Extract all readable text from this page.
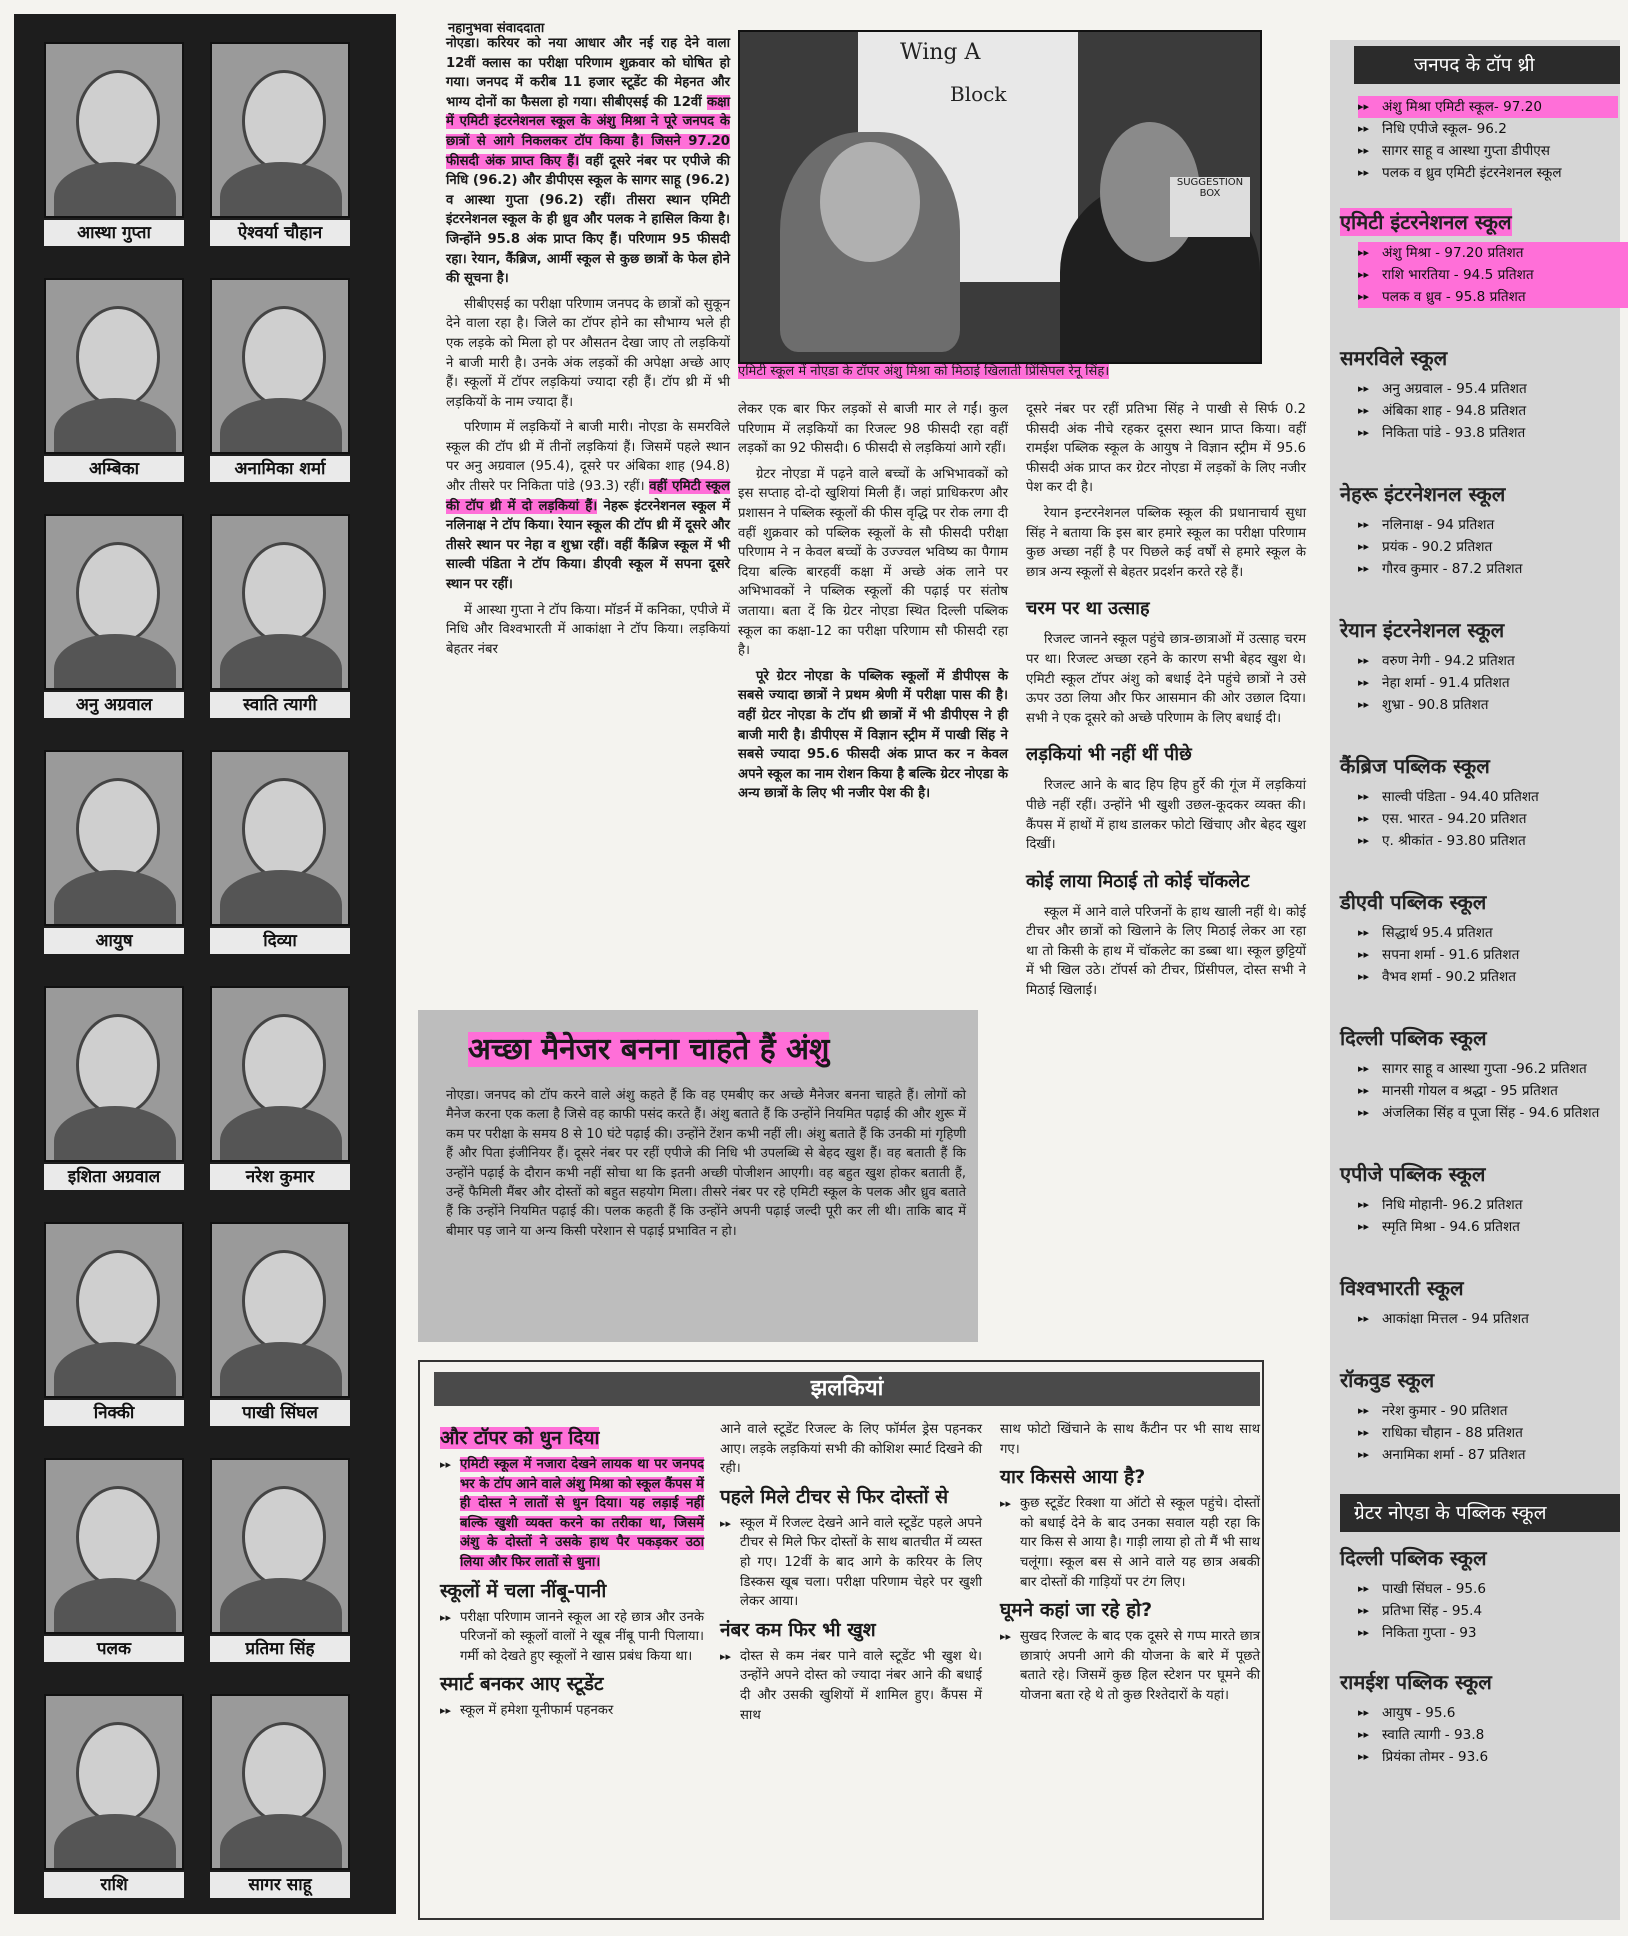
नहानुभवा संवाददाता
आस्था गुप्ता	ऐश्वर्या चौहान
अम्बिका	अनामिका शर्मा
अनु अग्रवाल	स्वाति त्यागी
आयुष	दिव्या
इशिता अग्रवाल	नरेश कुमार
निक्की	पाखी सिंघल
पलक	प्रतिमा सिंह
राशि	सागर साहू

नोएडा। करियर को नया आधार और नई राह देने वाला 12वीं क्लास का परीक्षा परिणाम शुक्रवार को घोषित हो गया। जनपद में करीब 11 हजार स्टूडेंट की मेहनत और भाग्य दोनों का फैसला हो गया। सीबीएसई की 12वीं कक्षा में एमिटी इंटरनेशनल स्कूल के अंशु मिश्रा ने पूरे जनपद के छात्रों से आगे निकलकर टॉप किया है। जिसने 97.20 फीसदी अंक प्राप्त किए हैं। वहीं दूसरे नंबर पर एपीजे की निधि (96.2) और डीपीएस स्कूल के सागर साहू (96.2) व आस्था गुप्ता (96.2) रहीं। तीसरा स्थान एमिटी इंटरनेशनल स्कूल के ही ध्रुव और पलक ने हासिल किया है। जिन्होंने 95.8 अंक प्राप्त किए हैं। परिणाम 95 फीसदी रहा। रेयान, कैंब्रिज, आर्मी स्कूल से कुछ छात्रों के फेल होने की सूचना है।

सीबीएसई का परीक्षा परिणाम जनपद के छात्रों को सुकून देने वाला रहा है। जिले का टॉपर होने का सौभाग्य भले ही एक लड़के को मिला हो पर औसतन देखा जाए तो लड़कियों ने बाजी मारी है। उनके अंक लड़कों की अपेक्षा अच्छे आए हैं। स्कूलों में टॉपर लड़कियां ज्यादा रही हैं। टॉप थ्री में भी लड़कियों के नाम ज्यादा हैं।

परिणाम में लड़कियों ने बाजी मारी। नोएडा के समरविले स्कूल की टॉप थ्री में तीनों लड़कियां हैं। जिसमें पहले स्थान पर अनु अग्रवाल (95.4), दूसरे पर अंबिका शाह (94.8) और तीसरे पर निकिता पांडे (93.3) रहीं। वहीं एमिटी स्कूल की टॉप थ्री में दो लड़कियां हैं। नेहरू इंटरनेशनल स्कूल में नलिनाक्ष ने टॉप किया। रेयान स्कूल की टॉप थ्री में दूसरे और तीसरे स्थान पर नेहा व शुभ्रा रहीं। वहीं कैंब्रिज स्कूल में भी साल्वी पंडिता ने टॉप किया। डीएवी स्कूल में सपना दूसरे स्थान पर रहीं।

में आस्था गुप्ता ने टॉप किया। मॉडर्न में कनिका, एपीजे में निधि और विश्वभारती में आकांक्षा ने टॉप किया। लड़कियां बेहतर नंबर

Wing A
Block
SUGGESTION BOX
एमिटी स्कूल में नोएडा के टॉपर अंशु मिश्रा को मिठाई खिलाती प्रिंसिपल रेनू सिंह।

लेकर एक बार फिर लड़कों से बाजी मार ले गईं। कुल परिणाम में लड़कियों का रिजल्ट 98 फीसदी रहा वहीं लड़कों का 92 फीसदी। 6 फीसदी से लड़कियां आगे रहीं।

ग्रेटर नोएडा में पढ़ने वाले बच्चों के अभिभावकों को इस सप्ताह दो-दो खुशियां मिली हैं। जहां प्राधिकरण और प्रशासन ने पब्लिक स्कूलों की फीस वृद्धि पर रोक लगा दी वहीं शुक्रवार को पब्लिक स्कूलों के सौ फीसदी परीक्षा परिणाम ने न केवल बच्चों के उज्ज्वल भविष्य का पैगाम दिया बल्कि बारहवीं कक्षा में अच्छे अंक लाने पर अभिभावकों ने पब्लिक स्कूलों की पढ़ाई पर संतोष जताया। बता दें कि ग्रेटर नोएडा स्थित दिल्ली पब्लिक स्कूल का कक्षा-12 का परीक्षा परिणाम सौ फीसदी रहा है।

पूरे ग्रेटर नोएडा के पब्लिक स्कूलों में डीपीएस के सबसे ज्यादा छात्रों ने प्रथम श्रेणी में परीक्षा पास की है। वहीं ग्रेटर नोएडा के टॉप थ्री छात्रों में भी डीपीएस ने ही बाजी मारी है। डीपीएस में विज्ञान स्ट्रीम में पाखी सिंह ने सबसे ज्यादा 95.6 फीसदी अंक प्राप्त कर न केवल अपने स्कूल का नाम रोशन किया है बल्कि ग्रेटर नोएडा के अन्य छात्रों के लिए भी नजीर पेश की है।

दूसरे नंबर पर रहीं प्रतिभा सिंह ने पाखी से सिर्फ 0.2 फीसदी अंक नीचे रहकर दूसरा स्थान प्राप्त किया। वहीं रामईश पब्लिक स्कूल के आयुष ने विज्ञान स्ट्रीम में 95.6 फीसदी अंक प्राप्त कर ग्रेटर नोएडा में लड़कों के लिए नजीर पेश कर दी है।

रेयान इन्टरनेशनल पब्लिक स्कूल की प्रधानाचार्य सुधा सिंह ने बताया कि इस बार हमारे स्कूल का परीक्षा परिणाम कुछ अच्छा नहीं है पर पिछले कई वर्षों से हमारे स्कूल के छात्र अन्य स्कूलों से बेहतर प्रदर्शन करते रहे हैं।

चरम पर था उत्साह

रिजल्ट जानने स्कूल पहुंचे छात्र-छात्राओं में उत्साह चरम पर था। रिजल्ट अच्छा रहने के कारण सभी बेहद खुश थे। एमिटी स्कूल टॉपर अंशु को बधाई देने पहुंचे छात्रों ने उसे ऊपर उठा लिया और फिर आसमान की ओर उछाल दिया। सभी ने एक दूसरे को अच्छे परिणाम के लिए बधाई दी।

लड़कियां भी नहीं थीं पीछे

रिजल्ट आने के बाद हिप हिप हुर्रे की गूंज में लड़कियां पीछे नहीं रहीं। उन्होंने भी खुशी उछल-कूदकर व्यक्त की। कैंपस में हाथों में हाथ डालकर फोटो खिंचाए और बेहद खुश दिखीं।

कोई लाया मिठाई तो कोई चॉकलेट

स्कूल में आने वाले परिजनों के हाथ खाली नहीं थे। कोई टीचर और छात्रों को खिलाने के लिए मिठाई लेकर आ रहा था तो किसी के हाथ में चॉकलेट का डब्बा था। स्कूल छुट्टियों में भी खिल उठे। टॉपर्स को टीचर, प्रिंसीपल, दोस्त सभी ने मिठाई खिलाई।

अच्छा मैनेजर बनना चाहते हैं अंशु
नोएडा। जनपद को टॉप करने वाले अंशु कहते हैं कि वह एमबीए कर अच्छे मैनेजर बनना चाहते हैं। लोगों को मैनेज करना एक कला है जिसे वह काफी पसंद करते हैं। अंशु बताते हैं कि उन्होंने नियमित पढ़ाई की और शुरू में कम पर परीक्षा के समय 8 से 10 घंटे पढ़ाई की। उन्होंने टेंशन कभी नहीं ली। अंशु बताते हैं कि उनकी मां गृहिणी हैं और पिता इंजीनियर हैं। दूसरे नंबर पर रहीं एपीजे की निधि भी उपलब्धि से बेहद खुश हैं। वह बताती हैं कि उन्होंने पढ़ाई के दौरान कभी नहीं सोचा था कि इतनी अच्छी पोजीशन आएगी। वह बहुत खुश होकर बताती हैं, उन्हें फैमिली मैंबर और दोस्तों को बहुत सहयोग मिला। तीसरे नंबर पर रहे एमिटी स्कूल के पलक और ध्रुव बताते हैं कि उन्होंने नियमित पढ़ाई की। पलक कहती हैं कि उन्होंने अपनी पढ़ाई जल्दी पूरी कर ली थी। ताकि बाद में बीमार पड़ जाने या अन्य किसी परेशान से पढ़ाई प्रभावित न हो।
झलकियां
और टॉपर को धुन दिया

▸▸ एमिटी स्कूल में नजारा देखने लायक था पर जनपद भर के टॉप आने वाले अंशु मिश्रा को स्कूल कैंपस में ही दोस्त ने लातों से धुन दिया। यह लड़ाई नहीं बल्कि खुशी व्यक्त करने का तरीका था, जिसमें अंशु के दोस्तों ने उसके हाथ पैर पकड़कर उठा लिया और फिर लातों से धुना।

स्कूलों में चला नींबू-पानी

▸▸ परीक्षा परिणाम जानने स्कूल आ रहे छात्र और उनके परिजनों को स्कूलों वालों ने खूब नींबू पानी पिलाया। गर्मी को देखते हुए स्कूलों ने खास प्रबंध किया था।

स्मार्ट बनकर आए स्टूडेंट

▸▸ स्कूल में हमेशा यूनीफार्म पहनकर

आने वाले स्टूडेंट रिजल्ट के लिए फॉर्मल ड्रेस पहनकर आए। लड़के लड़कियां सभी की कोशिश स्मार्ट दिखने की रही।

पहले मिले टीचर से फिर दोस्तों से

▸▸ स्कूल में रिजल्ट देखने आने वाले स्टूडेंट पहले अपने टीचर से मिले फिर दोस्तों के साथ बातचीत में व्यस्त हो गए। 12वीं के बाद आगे के करियर के लिए डिस्कस खूब चला। परीक्षा परिणाम चेहरे पर खुशी लेकर आया।

नंबर कम फिर भी खुश

▸▸ दोस्त से कम नंबर पाने वाले स्टूडेंट भी खुश थे। उन्होंने अपने दोस्त को ज्यादा नंबर आने की बधाई दी और उसकी खुशियों में शामिल हुए। कैंपस में साथ

साथ फोटो खिंचाने के साथ कैंटीन पर भी साथ साथ गए।

यार किससे आया है?

▸▸ कुछ स्टूडेंट रिक्शा या ऑटो से स्कूल पहुंचे। दोस्तों को बधाई देने के बाद उनका सवाल यही रहा कि यार किस से आया है। गाड़ी लाया हो तो मैं भी साथ चलूंगा। स्कूल बस से आने वाले यह छात्र अबकी बार दोस्तों की गाड़ियों पर टंग लिए।

घूमने कहां जा रहे हो?

▸▸ सुखद रिजल्ट के बाद एक दूसरे से गप्प मारते छात्र छात्राएं अपनी आगे की योजना के बारे में पूछते बताते रहे। जिसमें कुछ हिल स्टेशन पर घूमने की योजना बता रहे थे तो कुछ रिश्तेदारों के यहां।

जनपद के टॉप थ्री
▸▸ अंशु मिश्रा एमिटी स्कूल- 97.20
▸▸ निधि एपीजे स्कूल- 96.2
▸▸ सागर साहू व आस्था गुप्ता डीपीएस
▸▸ पलक व ध्रुव एमिटी इंटरनेशनल स्कूल
एमिटी इंटरनेशनल स्कूल
▸▸ अंशु मिश्रा - 97.20 प्रतिशत
▸▸ राशि भारतिया - 94.5 प्रतिशत
▸▸ पलक व ध्रुव - 95.8 प्रतिशत
समरविले स्कूल
▸▸ अनु अग्रवाल - 95.4 प्रतिशत
▸▸ अंबिका शाह - 94.8 प्रतिशत
▸▸ निकिता पांडे - 93.8 प्रतिशत
नेहरू इंटरनेशनल स्कूल
▸▸ नलिनाक्ष - 94 प्रतिशत
▸▸ प्रयंक - 90.2 प्रतिशत
▸▸ गौरव कुमार - 87.2 प्रतिशत
रेयान इंटरनेशनल स्कूल
▸▸ वरुण नेगी - 94.2 प्रतिशत
▸▸ नेहा शर्मा - 91.4 प्रतिशत
▸▸ शुभ्रा - 90.8 प्रतिशत
कैंब्रिज पब्लिक स्कूल
▸▸ साल्वी पंडिता - 94.40 प्रतिशत
▸▸ एस. भारत - 94.20 प्रतिशत
▸▸ ए. श्रीकांत - 93.80 प्रतिशत
डीएवी पब्लिक स्कूल
▸▸ सिद्धार्थ 95.4 प्रतिशत
▸▸ सपना शर्मा - 91.6 प्रतिशत
▸▸ वैभव शर्मा - 90.2 प्रतिशत
दिल्ली पब्लिक स्कूल
▸▸ सागर साहू व आस्था गुप्ता -96.2 प्रतिशत
▸▸ मानसी गोयल व श्रद्धा - 95 प्रतिशत
▸▸ अंजलिका सिंह व पूजा सिंह - 94.6 प्रतिशत
एपीजे पब्लिक स्कूल
▸▸ निधि मोहानी- 96.2 प्रतिशत
▸▸ स्मृति मिश्रा - 94.6 प्रतिशत
विश्वभारती स्कूल
▸▸ आकांक्षा मित्तल - 94 प्रतिशत
रॉकवुड स्कूल
▸▸ नरेश कुमार - 90 प्रतिशत
▸▸ राधिका चौहान - 88 प्रतिशत
▸▸ अनामिका शर्मा - 87 प्रतिशत
ग्रेटर नोएडा के पब्लिक स्कूल
दिल्ली पब्लिक स्कूल
▸▸ पाखी सिंघल - 95.6
▸▸ प्रतिभा सिंह - 95.4
▸▸ निकिता गुप्ता - 93
रामईश पब्लिक स्कूल
▸▸ आयुष - 95.6
▸▸ स्वाति त्यागी - 93.8
▸▸ प्रियंका तोमर - 93.6
